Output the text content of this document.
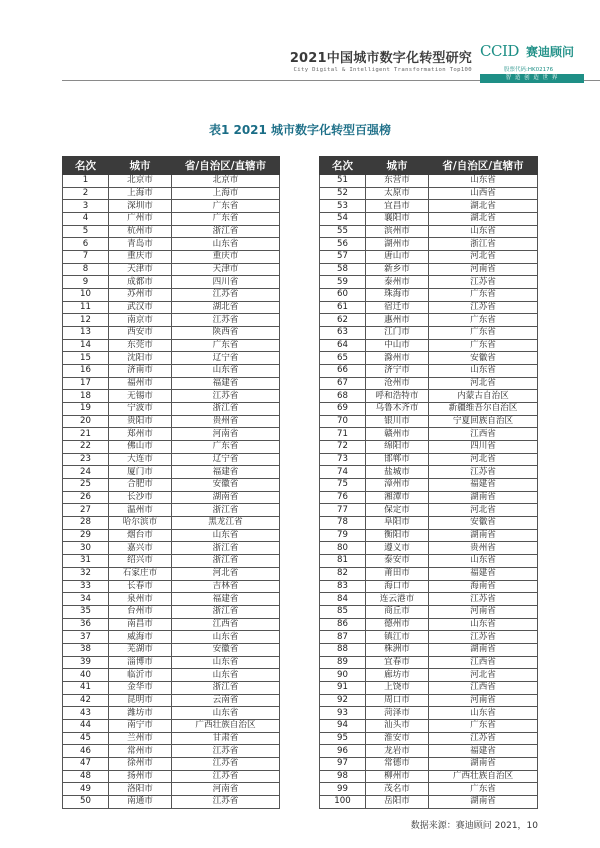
2021中国城市数字化转型研究
City Digital & Intelligent Transformation Top100
CCID 赛迪顾问
股票代码:HK02176
智 造 创 造 世 界
表1 2021 城市数字化转型百强榜
名次	城市	省/自治区/直辖市
1	北京市	北京市
2	上海市	上海市
3	深圳市	广东省
4	广州市	广东省
5	杭州市	浙江省
6	青岛市	山东省
7	重庆市	重庆市
8	天津市	天津市
9	成都市	四川省
10	苏州市	江苏省
11	武汉市	湖北省
12	南京市	江苏省
13	西安市	陕西省
14	东莞市	广东省
15	沈阳市	辽宁省
16	济南市	山东省
17	福州市	福建省
18	无锡市	江苏省
19	宁波市	浙江省
20	贵阳市	贵州省
21	郑州市	河南省
22	佛山市	广东省
23	大连市	辽宁省
24	厦门市	福建省
25	合肥市	安徽省
26	长沙市	湖南省
27	温州市	浙江省
28	哈尔滨市	黑龙江省
29	烟台市	山东省
30	嘉兴市	浙江省
31	绍兴市	浙江省
32	石家庄市	河北省
33	长春市	吉林省
34	泉州市	福建省
35	台州市	浙江省
36	南昌市	江西省
37	威海市	山东省
38	芜湖市	安徽省
39	淄博市	山东省
40	临沂市	山东省
41	金华市	浙江省
42	昆明市	云南省
43	潍坊市	山东省
44	南宁市	广西壮族自治区
45	兰州市	甘肃省
46	常州市	江苏省
47	徐州市	江苏省
48	扬州市	江苏省
49	洛阳市	河南省
50	南通市	江苏省
名次	城市	省/自治区/直辖市
51	东营市	山东省
52	太原市	山西省
53	宜昌市	湖北省
54	襄阳市	湖北省
55	滨州市	山东省
56	湖州市	浙江省
57	唐山市	河北省
58	新乡市	河南省
59	泰州市	江苏省
60	珠海市	广东省
61	宿迁市	江苏省
62	惠州市	广东省
63	江门市	广东省
64	中山市	广东省
65	滁州市	安徽省
66	济宁市	山东省
67	沧州市	河北省
68	呼和浩特市	内蒙古自治区
69	乌鲁木齐市	新疆维吾尔自治区
70	银川市	宁夏回族自治区
71	赣州市	江西省
72	绵阳市	四川省
73	邯郸市	河北省
74	盐城市	江苏省
75	漳州市	福建省
76	湘潭市	湖南省
77	保定市	河北省
78	阜阳市	安徽省
79	衡阳市	湖南省
80	遵义市	贵州省
81	泰安市	山东省
82	莆田市	福建省
83	海口市	海南省
84	连云港市	江苏省
85	商丘市	河南省
86	德州市	山东省
87	镇江市	江苏省
88	株洲市	湖南省
89	宜春市	江西省
90	廊坊市	河北省
91	上饶市	江西省
92	周口市	河南省
93	菏泽市	山东省
94	汕头市	广东省
95	淮安市	江苏省
96	龙岩市	福建省
97	常德市	湖南省
98	柳州市	广西壮族自治区
99	茂名市	广东省
100	岳阳市	湖南省
数据来源：赛迪顾问 2021，10
